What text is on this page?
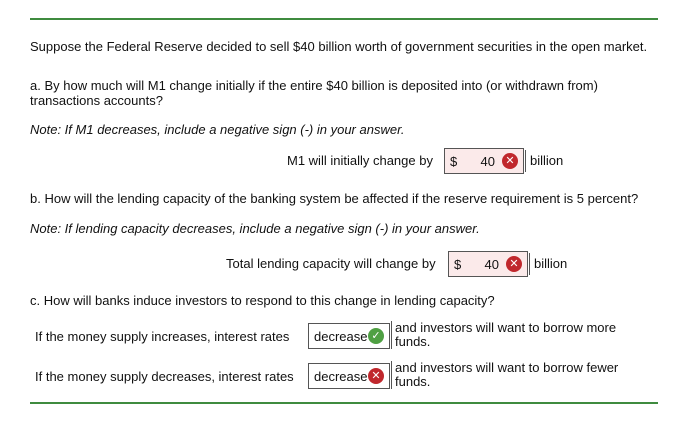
Suppose the Federal Reserve decided to sell $40 billion worth of government securities in the open market.
a. By how much will M1 change initially if the entire $40 billion is deposited into (or withdrawn from)
transactions accounts?
Note: If M1 decreases, include a negative sign (-) in your answer.
M1 will initially change by $ 40 ✕	billion
b. How will the lending capacity of the banking system be affected if the reserve requirement is 5 percent?
Note: If lending capacity decreases, include a negative sign (-) in your answer.
Total lending capacity will change by $ 40 ✕	billion
c. How will banks induce investors to respond to this change in lending capacity?
If the money supply increases, interest rates decrease ✓
and investors will want to borrow more funds.
If the money supply decreases, interest rates decrease ✕
and investors will want to borrow fewer funds.
